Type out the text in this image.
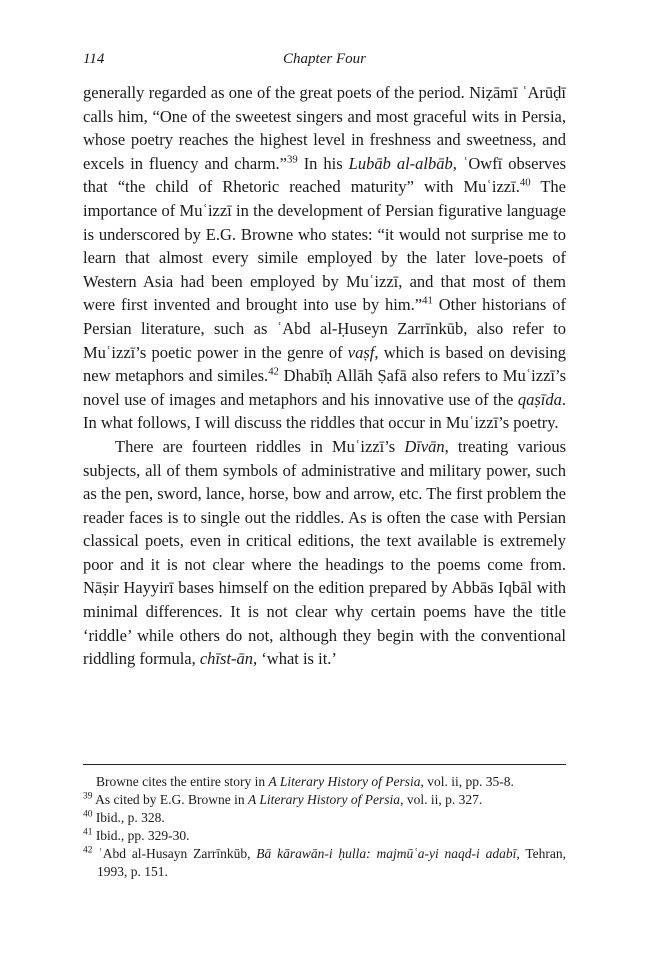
114	Chapter Four

generally regarded as one of the great poets of the period. Niẓāmī ʿArūḍī calls him, “One of the sweetest singers and most graceful wits in Persia, whose poetry reaches the highest level in freshness and sweetness, and excels in fluency and charm.”$^{39}$ In his Lubāb al-albāb, ʿOwfī observes that “the child of Rhetoric reached maturity” with Muʿizzī.$^{40}$ The importance of Muʿizzī in the development of Persian figurative language is underscored by E.G. Browne who states: “it would not surprise me to learn that almost every simile employed by the later love-poets of Western Asia had been employed by Muʿizzī, and that most of them were first invented and brought into use by him.”$^{41}$ Other historians of Persian literature, such as ʿAbd al-Ḥuseyn Zarrīnkūb, also refer to Muʿizzī’s poetic power in the genre of vaṣf, which is based on devising new metaphors and similes.$^{42}$ Dhabīḥ Allāh Ṣafā also refers to Muʿizzī’s novel use of images and metaphors and his innovative use of the qaṣīda. In what follows, I will discuss the riddles that occur in Muʿizzī’s poetry.

There are fourteen riddles in Muʿizzī’s Dīvān, treating various subjects, all of them symbols of administrative and military power, such as the pen, sword, lance, horse, bow and arrow, etc. The first problem the reader faces is to single out the riddles. As is often the case with Persian classical poets, even in critical editions, the text available is extremely poor and it is not clear where the headings to the poems come from. Nāṣir Hayyirī bases himself on the edition prepared by Abbās Iqbāl with minimal differences. It is not clear why certain poems have the title ‘riddle’ while others do not, although they begin with the conventional riddling formula, chīst-ān, ‘what is it.’

Browne cites the entire story in A Literary History of Persia, vol. ii, pp. 35-8.

$^{39}$ As cited by E.G. Browne in A Literary History of Persia, vol. ii, p. 327.

$^{40}$ Ibid., p. 328.

$^{41}$ Ibid., pp. 329-30.

$^{42}$ ʿAbd al-Husayn Zarrīnkūb, Bā kārawān-i ḥulla: majmūʿa-yi naqd-i adabī, Tehran, 1993, p. 151.
